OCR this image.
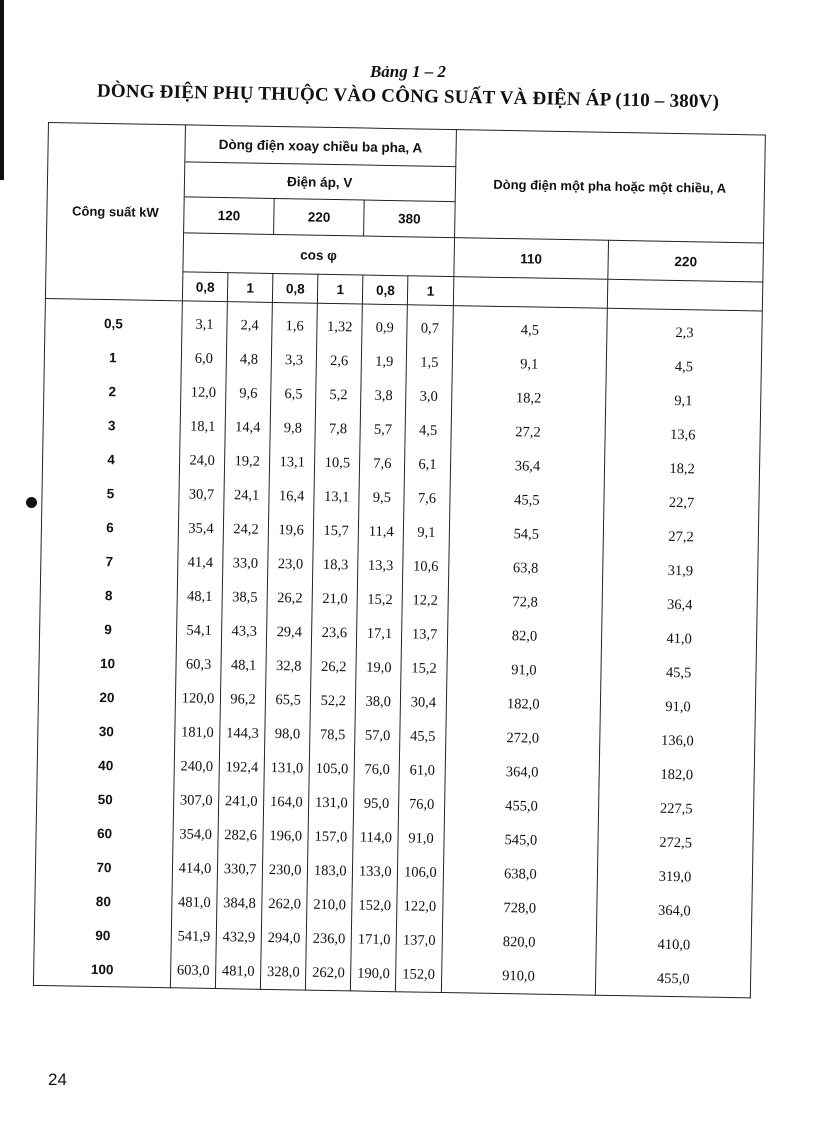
Bảng 1 – 2
DÒNG ĐIỆN PHỤ THUỘC VÀO CÔNG SUẤT VÀ ĐIỆN ÁP (110 – 380V)
Công suất kW	Dòng điện xoay chiều ba pha, A						Dòng điện một pha hoặc một chiều, A	
	Điện áp, V							
	120		220		380			
	cos φ						110	220
	0,8	1	0,8	1	0,8	1		
0,5	3,1	2,4	1,6	1,32	0,9	0,7	4,5	2,3
1	6,0	4,8	3,3	2,6	1,9	1,5	9,1	4,5
2	12,0	9,6	6,5	5,2	3,8	3,0	18,2	9,1
3	18,1	14,4	9,8	7,8	5,7	4,5	27,2	13,6
4	24,0	19,2	13,1	10,5	7,6	6,1	36,4	18,2
5	30,7	24,1	16,4	13,1	9,5	7,6	45,5	22,7
6	35,4	24,2	19,6	15,7	11,4	9,1	54,5	27,2
7	41,4	33,0	23,0	18,3	13,3	10,6	63,8	31,9
8	48,1	38,5	26,2	21,0	15,2	12,2	72,8	36,4
9	54,1	43,3	29,4	23,6	17,1	13,7	82,0	41,0
10	60,3	48,1	32,8	26,2	19,0	15,2	91,0	45,5
20	120,0	96,2	65,5	52,2	38,0	30,4	182,0	91,0
30	181,0	144,3	98,0	78,5	57,0	45,5	272,0	136,0
40	240,0	192,4	131,0	105,0	76,0	61,0	364,0	182,0
50	307,0	241,0	164,0	131,0	95,0	76,0	455,0	227,5
60	354,0	282,6	196,0	157,0	114,0	91,0	545,0	272,5
70	414,0	330,7	230,0	183,0	133,0	106,0	638,0	319,0
80	481,0	384,8	262,0	210,0	152,0	122,0	728,0	364,0
90	541,9	432,9	294,0	236,0	171,0	137,0	820,0	410,0
100	603,0	481,0	328,0	262,0	190,0	152,0	910,0	455,0
24
